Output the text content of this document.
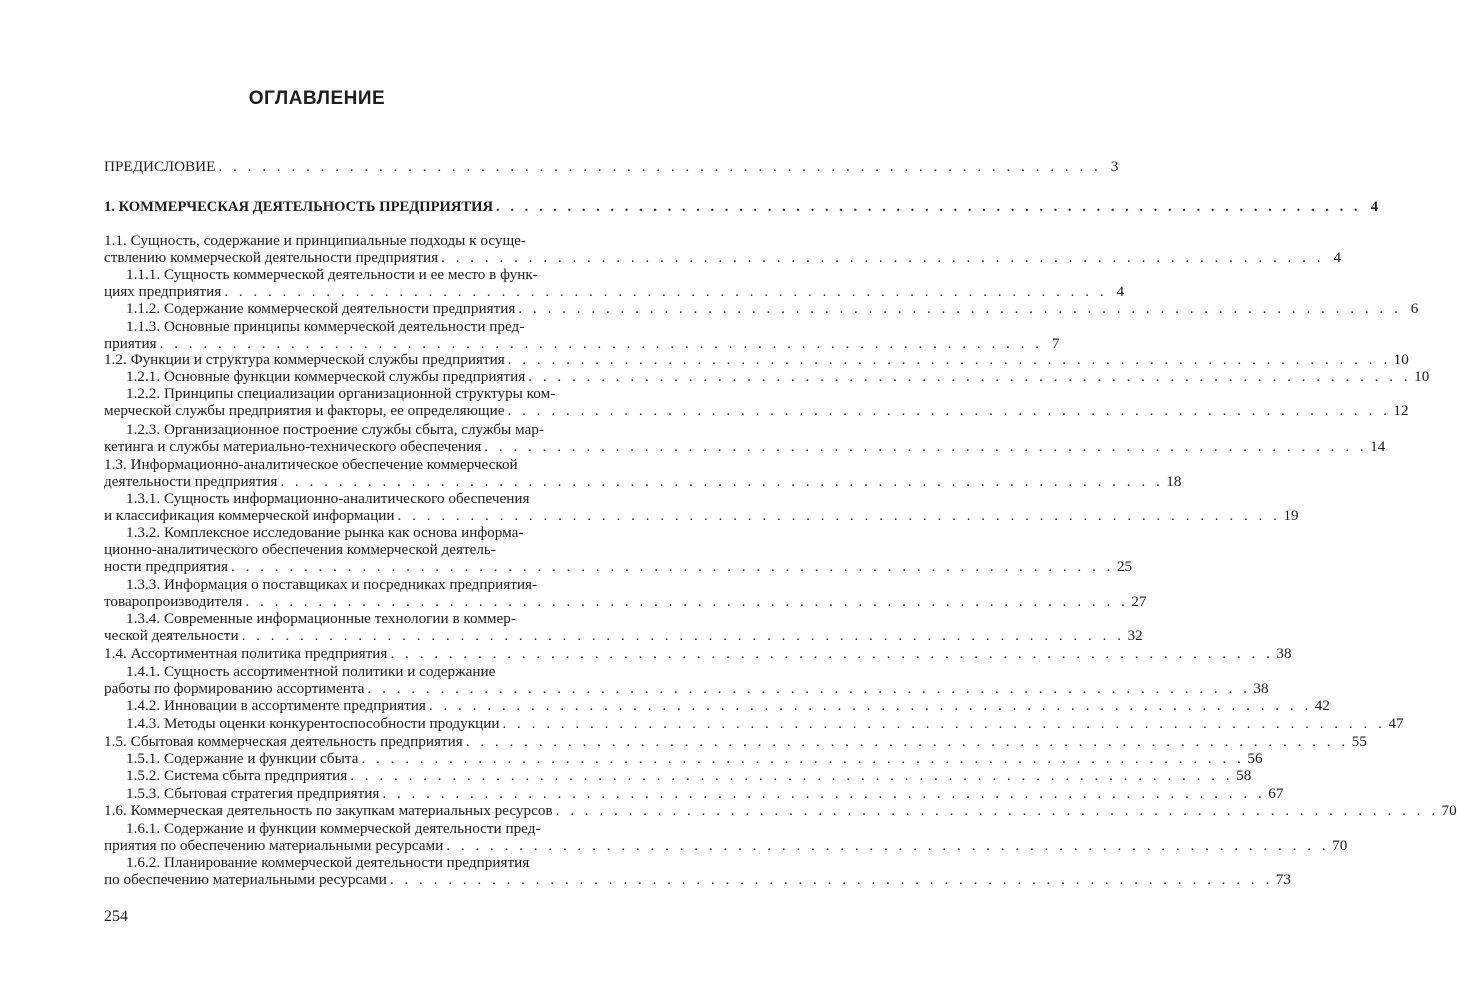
ОГЛАВЛЕНИЕ
ПРЕДИСЛОВИЕ . . . . . . . . . . . . . . . . . . . . . . . . . . . . . . . . . . . . . . . . . . . . . . . . . . . . . . . . . . . . . 3
1. КОММЕРЧЕСКАЯ ДЕЯТЕЛЬНОСТЬ ПРЕДПРИЯТИЯ . . . . . . . . . . . . . . . . . . . . . . . . . . . . . . . . . . . . . . . . . . . . . . . . . . . . . . . . . . . . . 4
1.1. Сущность, содержание и принципиальные подходы к осуще-
ствлению коммерческой деятельности предприятия . . . . . . . . . . . . . . . . . . . . . . . . . . . . . . . . . . . . . . . . . . . . . . . . . . . . . . . . . . . . . 4
1.1.1. Сущность коммерческой деятельности и ее место в функ-
циях предприятия . . . . . . . . . . . . . . . . . . . . . . . . . . . . . . . . . . . . . . . . . . . . . . . . . . . . . . . . . . . . . 4
1.1.2. Содержание коммерческой деятельности предприятия . . . . . . . . . . . . . . . . . . . . . . . . . . . . . . . . . . . . . . . . . . . . . . . . . . . . . . . . . . . . . 6
1.1.3. Основные принципы коммерческой деятельности пред-
приятия . . . . . . . . . . . . . . . . . . . . . . . . . . . . . . . . . . . . . . . . . . . . . . . . . . . . . . . . . . . . . 7
1.2. Функции и структура коммерческой службы предприятия . . . . . . . . . . . . . . . . . . . . . . . . . . . . . . . . . . . . . . . . . . . . . . . . . . . . . . . . . . . . . 10
1.2.1. Основные функции коммерческой службы предприятия . . . . . . . . . . . . . . . . . . . . . . . . . . . . . . . . . . . . . . . . . . . . . . . . . . . . . . . . . . . . . 10
1.2.2. Принципы специализации организационной структуры ком-
мерческой службы предприятия и факторы, ее определяющие . . . . . . . . . . . . . . . . . . . . . . . . . . . . . . . . . . . . . . . . . . . . . . . . . . . . . . . . . . . . . 12
1.2.3. Организационное построение службы сбыта, службы мар-
кетинга и службы материально-технического обеспечения . . . . . . . . . . . . . . . . . . . . . . . . . . . . . . . . . . . . . . . . . . . . . . . . . . . . . . . . . . . . . 14
1.3. Информационно-аналитическое обеспечение коммерческой
деятельности предприятия . . . . . . . . . . . . . . . . . . . . . . . . . . . . . . . . . . . . . . . . . . . . . . . . . . . . . . . . . . . . . 18
1.3.1. Сущность информационно-аналитического обеспечения
и классификация коммерческой информации . . . . . . . . . . . . . . . . . . . . . . . . . . . . . . . . . . . . . . . . . . . . . . . . . . . . . . . . . . . . . 19
1.3.2. Комплексное исследование рынка как основа информа-
ционно-аналитического обеспечения коммерческой деятель-
ности предприятия . . . . . . . . . . . . . . . . . . . . . . . . . . . . . . . . . . . . . . . . . . . . . . . . . . . . . . . . . . . . . 25
1.3.3. Информация о поставщиках и посредниках предприятия-
товаропроизводителя . . . . . . . . . . . . . . . . . . . . . . . . . . . . . . . . . . . . . . . . . . . . . . . . . . . . . . . . . . . . . 27
1.3.4. Современные информационные технологии в коммер-
ческой деятельности . . . . . . . . . . . . . . . . . . . . . . . . . . . . . . . . . . . . . . . . . . . . . . . . . . . . . . . . . . . . . 32
1.4. Ассортиментная политика предприятия . . . . . . . . . . . . . . . . . . . . . . . . . . . . . . . . . . . . . . . . . . . . . . . . . . . . . . . . . . . . . 38
1.4.1. Сущность ассортиментной политики и содержание
работы по формированию ассортимента . . . . . . . . . . . . . . . . . . . . . . . . . . . . . . . . . . . . . . . . . . . . . . . . . . . . . . . . . . . . . 38
1.4.2. Инновации в ассортименте предприятия . . . . . . . . . . . . . . . . . . . . . . . . . . . . . . . . . . . . . . . . . . . . . . . . . . . . . . . . . . . . . 42
1.4.3. Методы оценки конкурентоспособности продукции . . . . . . . . . . . . . . . . . . . . . . . . . . . . . . . . . . . . . . . . . . . . . . . . . . . . . . . . . . . . . 47
1.5. Сбытовая коммерческая деятельность предприятия . . . . . . . . . . . . . . . . . . . . . . . . . . . . . . . . . . . . . . . . . . . . . . . . . . . . . . . . . . . . . 55
1.5.1. Содержание и функции сбыта . . . . . . . . . . . . . . . . . . . . . . . . . . . . . . . . . . . . . . . . . . . . . . . . . . . . . . . . . . . . . 56
1.5.2. Система сбыта предприятия . . . . . . . . . . . . . . . . . . . . . . . . . . . . . . . . . . . . . . . . . . . . . . . . . . . . . . . . . . . . . 58
1.5.3. Сбытовая стратегия предприятия . . . . . . . . . . . . . . . . . . . . . . . . . . . . . . . . . . . . . . . . . . . . . . . . . . . . . . . . . . . . . 67
1.6. Коммерческая деятельность по закупкам материальных ресурсов . . . . . . . . . . . . . . . . . . . . . . . . . . . . . . . . . . . . . . . . . . . . . . . . . . . . . . . . . . . . . 70
1.6.1. Содержание и функции коммерческой деятельности пред-
приятия по обеспечению материальными ресурсами . . . . . . . . . . . . . . . . . . . . . . . . . . . . . . . . . . . . . . . . . . . . . . . . . . . . . . . . . . . . . 70
1.6.2. Планирование коммерческой деятельности предприятия
по обеспечению материальными ресурсами . . . . . . . . . . . . . . . . . . . . . . . . . . . . . . . . . . . . . . . . . . . . . . . . . . . . . . . . . . . . . 73
254
